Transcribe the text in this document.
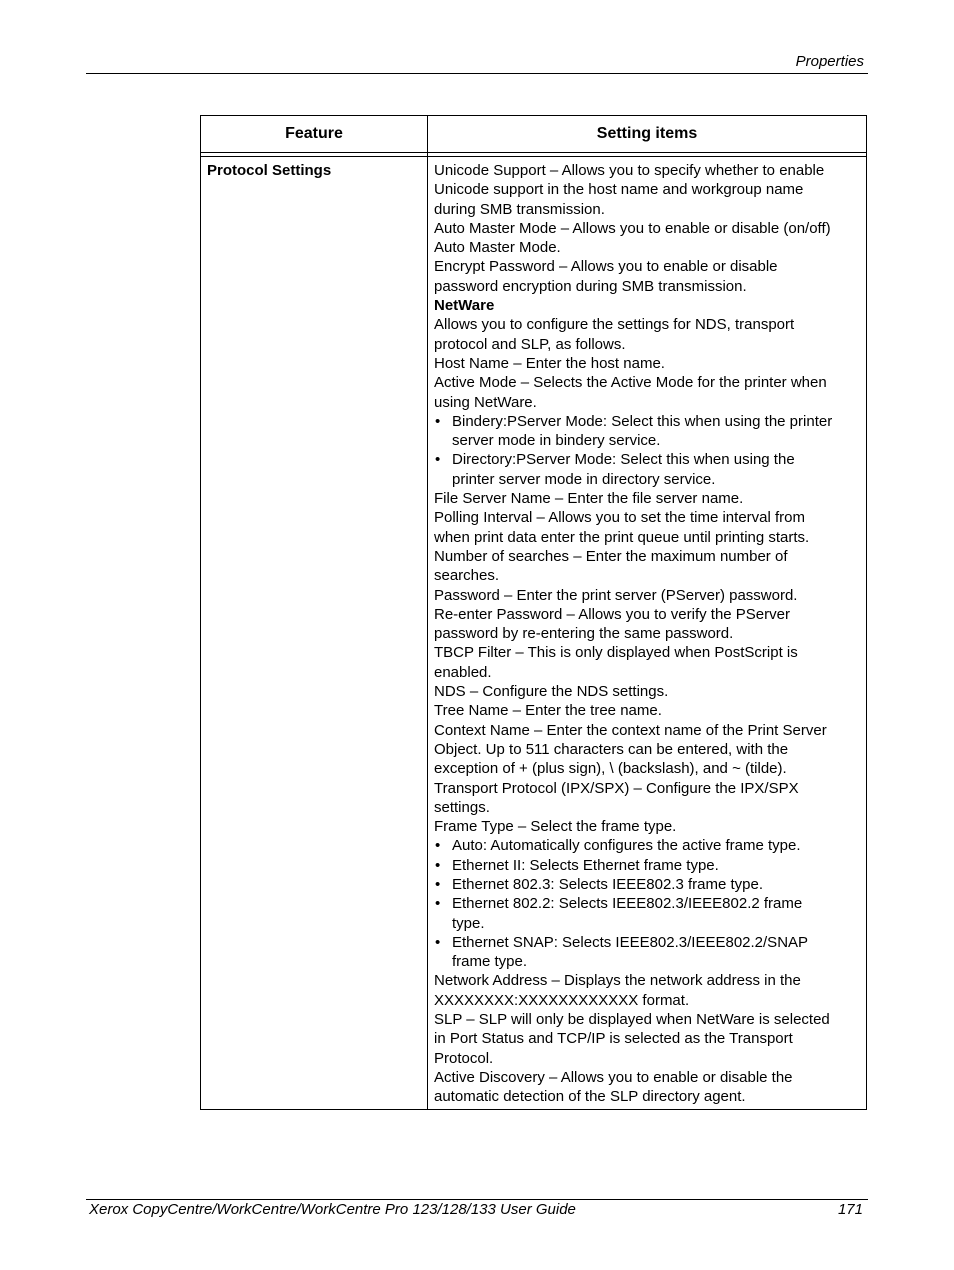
Properties
Feature	Setting items
Protocol Settings	Unicode Support – Allows you to specify whether to enable
Unicode support in the host name and workgroup name
during SMB transmission.
Auto Master Mode – Allows you to enable or disable (on/off)
Auto Master Mode.
Encrypt Password – Allows you to enable or disable
password encryption during SMB transmission.
NetWare
Allows you to configure the settings for NDS, transport
protocol and SLP, as follows.
Host Name – Enter the host name.
Active Mode – Selects the Active Mode for the printer when
using NetWare.
• Bindery:PServer Mode: Select this when using the printer
server mode in bindery service.
• Directory:PServer Mode: Select this when using the
printer server mode in directory service.
File Server Name – Enter the file server name.
Polling Interval – Allows you to set the time interval from
when print data enter the print queue until printing starts.
Number of searches – Enter the maximum number of
searches.
Password – Enter the print server (PServer) password.
Re-enter Password – Allows you to verify the PServer
password by re-entering the same password.
TBCP Filter – This is only displayed when PostScript is
enabled.
NDS – Configure the NDS settings.
Tree Name – Enter the tree name.
Context Name – Enter the context name of the Print Server
Object. Up to 511 characters can be entered, with the
exception of + (plus sign), \ (backslash), and ~ (tilde).
Transport Protocol (IPX/SPX) – Configure the IPX/SPX
settings.
Frame Type – Select the frame type.
• Auto: Automatically configures the active frame type.
• Ethernet II: Selects Ethernet frame type.
• Ethernet 802.3: Selects IEEE802.3 frame type.
• Ethernet 802.2: Selects IEEE802.3/IEEE802.2 frame
type.
• Ethernet SNAP: Selects IEEE802.3/IEEE802.2/SNAP
frame type.
Network Address – Displays the network address in the
XXXXXXXX:XXXXXXXXXXXX format.
SLP – SLP will only be displayed when NetWare is selected
in Port Status and TCP/IP is selected as the Transport
Protocol.
Active Discovery – Allows you to enable or disable the
automatic detection of the SLP directory agent.
Xerox CopyCentre/WorkCentre/WorkCentre Pro 123/128/133 User Guide	171
